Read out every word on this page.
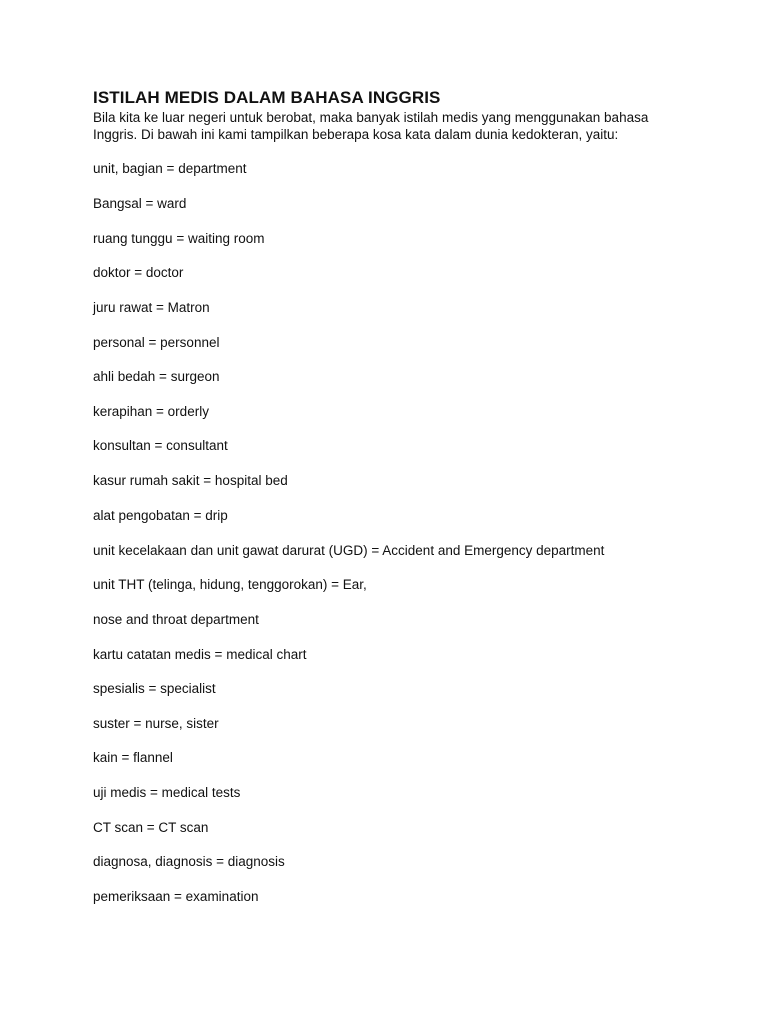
ISTILAH MEDIS DALAM BAHASA INGGRIS

Bila kita ke luar negeri untuk berobat, maka banyak istilah medis yang menggunakan bahasa
Inggris. Di bawah ini kami tampilkan beberapa kosa kata dalam dunia kedokteran, yaitu:

unit, bagian = department

Bangsal = ward

ruang tunggu = waiting room

doktor = doctor

juru rawat = Matron

personal = personnel

ahli bedah = surgeon

kerapihan = orderly

konsultan = consultant

kasur rumah sakit = hospital bed

alat pengobatan = drip

unit kecelakaan dan unit gawat darurat (UGD) = Accident and Emergency department

unit THT (telinga, hidung, tenggorokan) = Ear,

nose and throat department

kartu catatan medis = medical chart

spesialis = specialist

suster = nurse, sister

kain = flannel

uji medis = medical tests

CT scan = CT scan

diagnosa, diagnosis = diagnosis

pemeriksaan = examination
